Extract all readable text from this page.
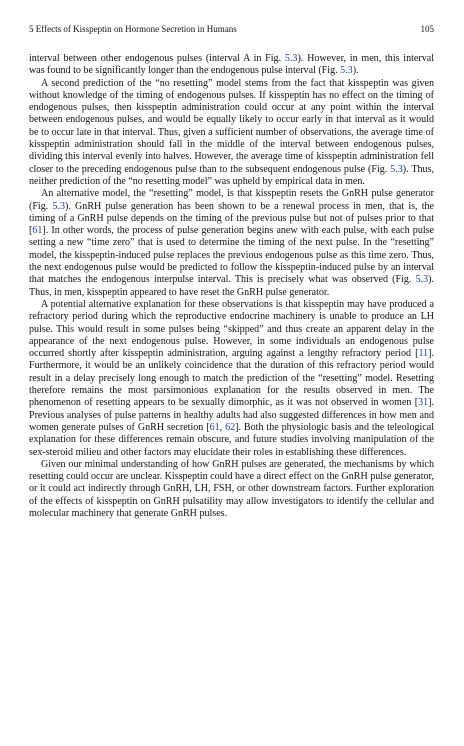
5 Effects of Kisspeptin on Hormone Secretion in Humans	105

interval between other endogenous pulses (interval A in Fig. 5.3). However, in men, this interval was found to be significantly longer than the endogenous pulse interval (Fig. 5.3).

A second prediction of the “no resetting” model stems from the fact that kisspeptin was given without knowledge of the timing of endogenous pulses. If kisspeptin has no effect on the timing of endogenous pulses, then kisspeptin administration could occur at any point within the interval between endogenous pulses, and would be equally likely to occur early in that interval as it would be to occur late in that interval. Thus, given a sufficient number of observations, the average time of kisspeptin administration should fall in the middle of the interval between endogenous pulses, dividing this interval evenly into halves. However, the average time of kisspeptin administration fell closer to the preceding endogenous pulse than to the subsequent endogenous pulse (Fig. 5.3). Thus, neither prediction of the “no resetting model” was upheld by empirical data in men.

An alternative model, the “resetting” model, is that kisspeptin resets the GnRH pulse generator (Fig. 5.3). GnRH pulse generation has been shown to be a renewal process in men, that is, the timing of a GnRH pulse depends on the timing of the previous pulse but not of pulses prior to that [61]. In other words, the process of pulse generation begins anew with each pulse, with each pulse setting a new “time zero” that is used to determine the timing of the next pulse. In the “resetting” model, the kisspeptin-induced pulse replaces the previous endogenous pulse as this time zero. Thus, the next endogenous pulse would be predicted to follow the kisspeptin-induced pulse by an interval that matches the endogenous interpulse interval. This is precisely what was observed (Fig. 5.3). Thus, in men, kisspeptin appeared to have reset the GnRH pulse generator.

A potential alternative explanation for these observations is that kisspeptin may have produced a refractory period during which the reproductive endocrine machinery is unable to produce an LH pulse. This would result in some pulses being “skipped” and thus create an apparent delay in the appearance of the next endogenous pulse. However, in some individuals an endogenous pulse occurred shortly after kisspeptin administration, arguing against a lengthy refractory period [11]. Furthermore, it would be an unlikely coincidence that the duration of this refractory period would result in a delay precisely long enough to match the prediction of the “resetting” model. Resetting therefore remains the most parsimonious explanation for the results observed in men. The phenomenon of resetting appears to be sexually dimorphic, as it was not observed in women [31]. Previous analyses of pulse patterns in healthy adults had also suggested differences in how men and women generate pulses of GnRH secretion [61, 62]. Both the physiologic basis and the teleological explanation for these differences remain obscure, and future studies involving manipulation of the sex-steroid milieu and other factors may elucidate their roles in establishing these differences.

Given our minimal understanding of how GnRH pulses are generated, the mechanisms by which resetting could occur are unclear. Kisspeptin could have a direct effect on the GnRH pulse generator, or it could act indirectly through GnRH, LH, FSH, or other downstream factors. Further exploration of the effects of kisspeptin on GnRH pulsatility may allow investigators to identify the cellular and molecular machinery that generate GnRH pulses.
